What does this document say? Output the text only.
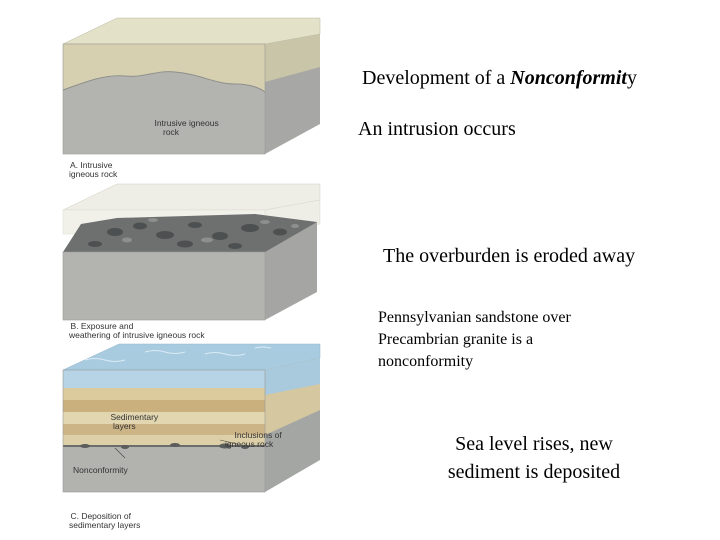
Intrusive igneous
rock

A. Intrusive
igneous rock

B. Exposure and
weathering of intrusive igneous rock

Sedimentary
layers

Inclusions of
igneous rock

Nonconformity

C. Deposition of
sedimentary layers

Development of a Nonconformity
An intrusion occurs
The overburden is eroded away
Pennsylvanian sandstone over
Precambrian granite is a
nonconformity
Sea level rises, new
sediment is deposited
